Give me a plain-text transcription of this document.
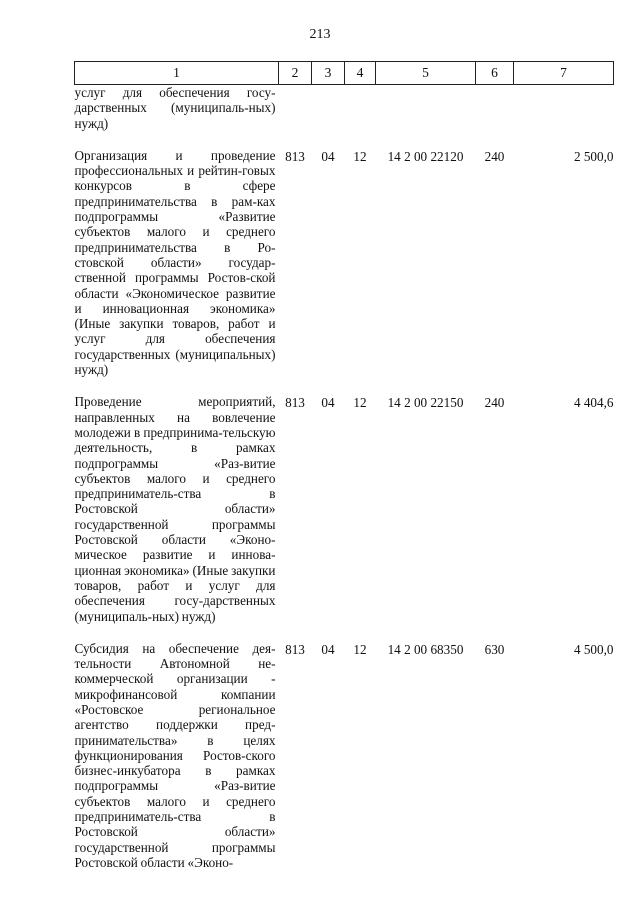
213
1	2	3	4	5	6	7
услуг для обеспечения госу-дарственных (муниципаль-ных) нужд)						

Организация и проведение профессиональных и рейтин-говых конкурсов в сфере предпринимательства в рам-ках подпрограммы «Развитие субъектов малого и среднего предпринимательства в Ро-стовской области» государ-ственной программы Ростов-ской области «Экономическое развитие и инновационная экономика» (Иные закупки товаров, работ и услуг для обеспечения государственных (муниципальных) нужд)	813	04	12	14 2 00 22120	240	2 500,0

Проведение мероприятий, направленных на вовлечение молодежи в предпринима-тельскую деятельность, в рамках подпрограммы «Раз-витие субъектов малого и среднего предприниматель-ства в Ростовской области» государственной программы Ростовской области «Эконо-мическое развитие и иннова-ционная экономика» (Иные закупки товаров, работ и услуг для обеспечения госу-дарственных (муниципаль-ных) нужд)	813	04	12	14 2 00 22150	240	4 404,6

Субсидия на обеспечение дея-тельности Автономной не-коммерческой организации - микрофинансовой компании «Ростовское региональное агентство поддержки пред-принимательства» в целях функционирования Ростов-ского бизнес-инкубатора в рамках подпрограммы «Раз-витие субъектов малого и среднего предприниматель-ства в Ростовской области» государственной программы Ростовской области «Эконо-	813	04	12	14 2 00 68350	630	4 500,0
